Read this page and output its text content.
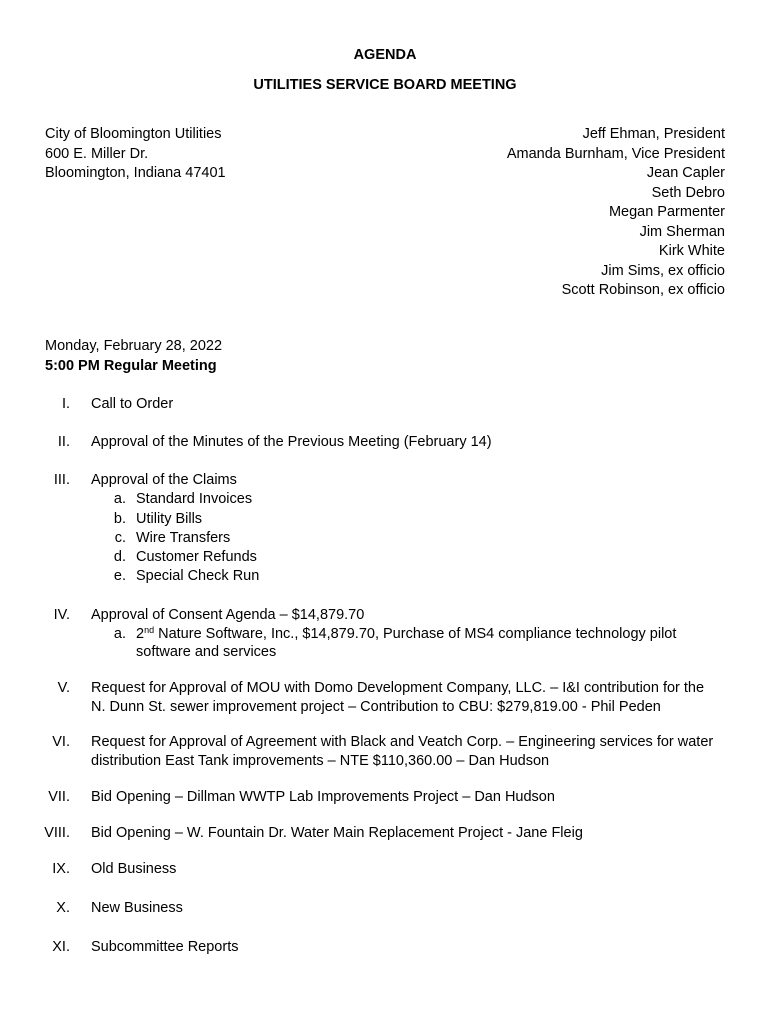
AGENDA
UTILITIES SERVICE BOARD MEETING
City of Bloomington Utilities
600 E. Miller Dr.
Bloomington, Indiana 47401
Jeff Ehman, President
Amanda Burnham, Vice President
Jean Capler
Seth Debro
Megan Parmenter
Jim Sherman
Kirk White
Jim Sims, ex officio
Scott Robinson, ex officio
Monday, February 28, 2022
5:00 PM Regular Meeting
I. Call to Order
II. Approval of the Minutes of the Previous Meeting (February 14)
III. Approval of the Claims
a. Standard Invoices
b. Utility Bills
c. Wire Transfers
d. Customer Refunds
e. Special Check Run
IV. Approval of Consent Agenda – $14,879.70
a. 2nd Nature Software, Inc., $14,879.70, Purchase of MS4 compliance technology pilot software and services
V. Request for Approval of MOU with Domo Development Company, LLC. – I&I contribution for the N. Dunn St. sewer improvement project – Contribution to CBU: $279,819.00 - Phil Peden
VI. Request for Approval of Agreement with Black and Veatch Corp. – Engineering services for water distribution East Tank improvements – NTE $110,360.00 – Dan Hudson
VII. Bid Opening – Dillman WWTP Lab Improvements Project – Dan Hudson
VIII. Bid Opening – W. Fountain Dr. Water Main Replacement Project - Jane Fleig
IX. Old Business
X. New Business
XI. Subcommittee Reports
